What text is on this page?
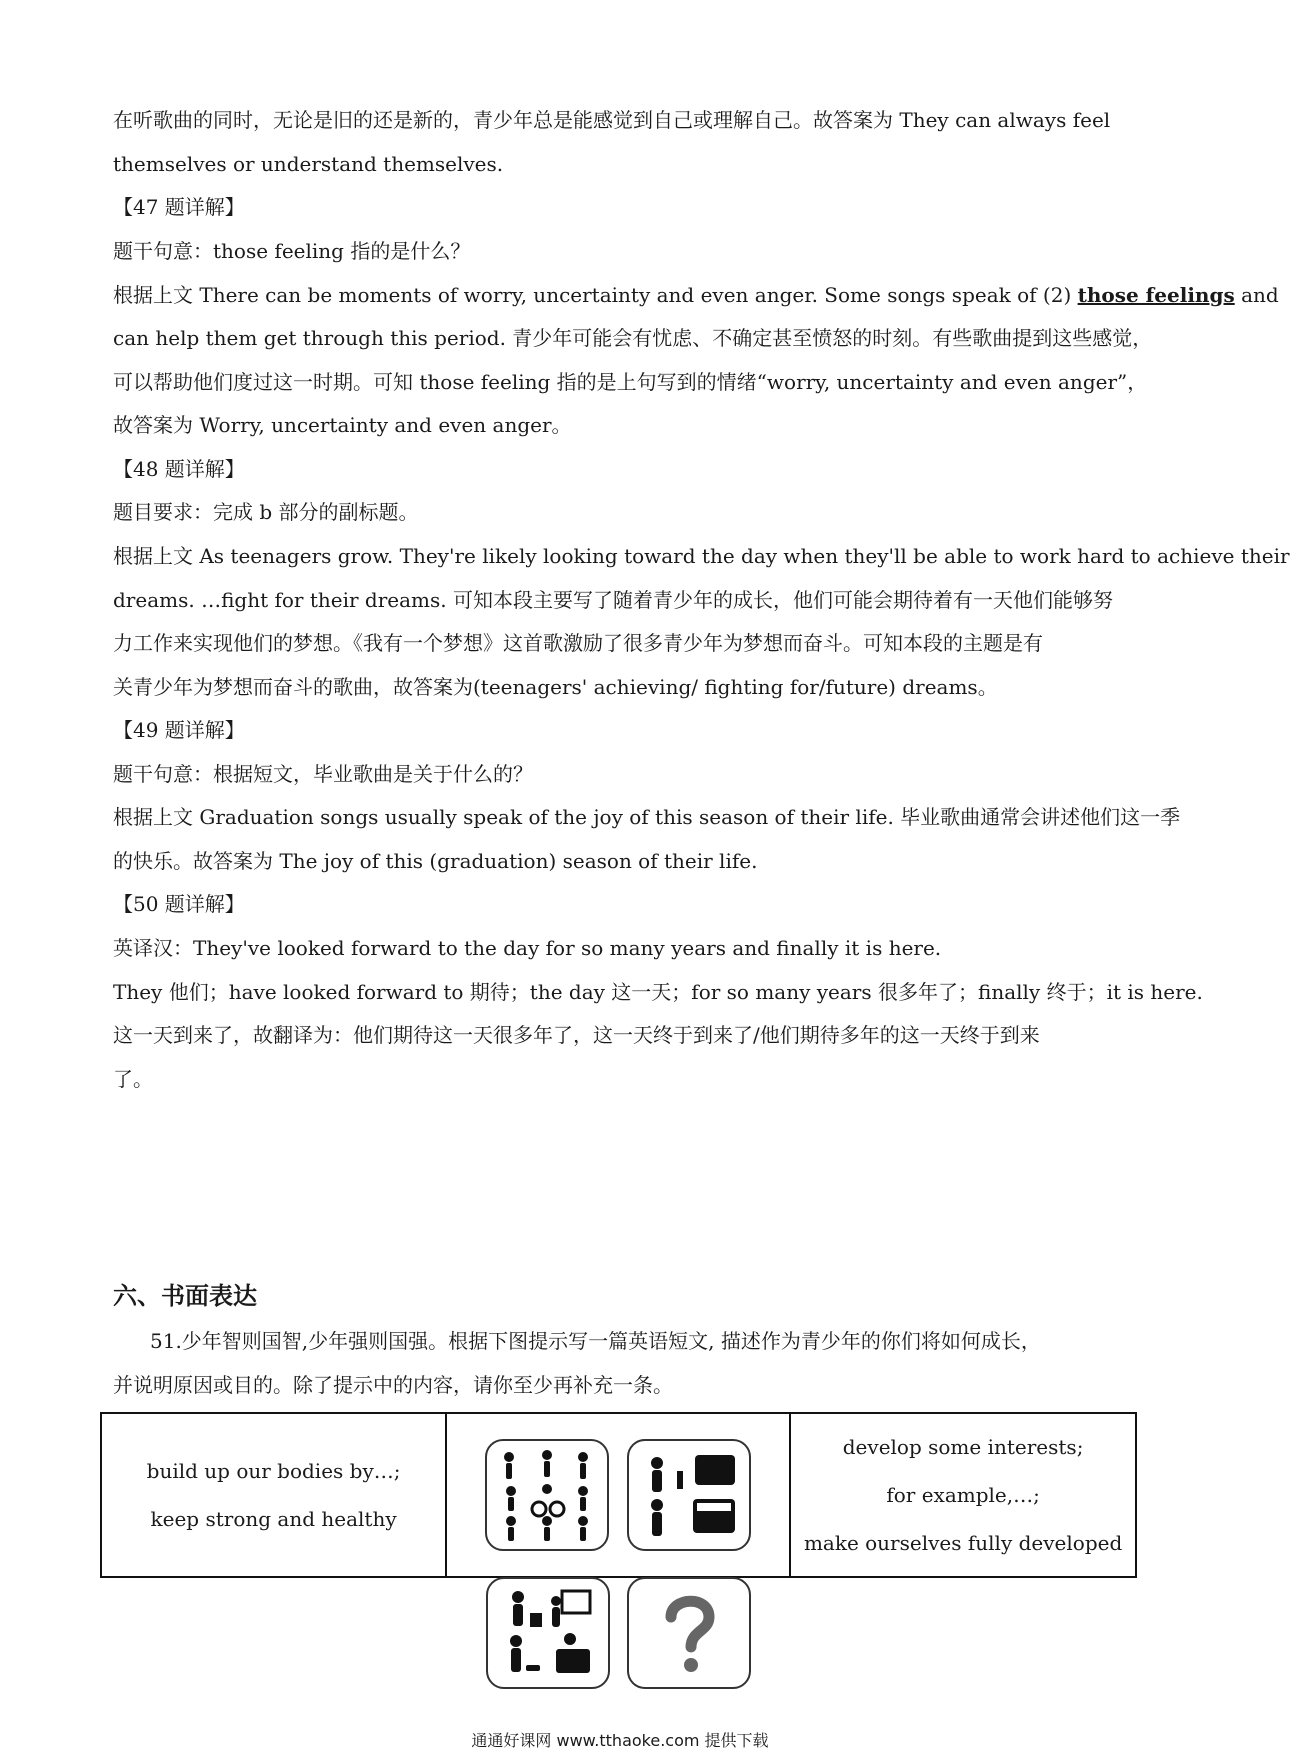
在听歌曲的同时，无论是旧的还是新的，青少年总是能感觉到自己或理解自己。故答案为 They can always feel
themselves or understand themselves.
【47 题详解】
题干句意：those feeling 指的是什么？
根据上文 There can be moments of worry, uncertainty and even anger. Some songs speak of (2) those feelings and
can help them get through this period. 青少年可能会有忧虑、不确定甚至愤怒的时刻。有些歌曲提到这些感觉，
可以帮助他们度过这一时期。可知 those feeling 指的是上句写到的情绪“worry, uncertainty and even anger”，
故答案为 Worry, uncertainty and even anger。
【48 题详解】
题目要求：完成 b 部分的副标题。
根据上文 As teenagers grow. They're likely looking toward the day when they'll be able to work hard to achieve their
dreams. …fight for their dreams. 可知本段主要写了随着青少年的成长，他们可能会期待着有一天他们能够努
力工作来实现他们的梦想。《我有一个梦想》这首歌激励了很多青少年为梦想而奋斗。可知本段的主题是有
关青少年为梦想而奋斗的歌曲，故答案为(teenagers' achieving/ fighting for/future) dreams。
【49 题详解】
题干句意：根据短文，毕业歌曲是关于什么的？
根据上文 Graduation songs usually speak of the joy of this season of their life. 毕业歌曲通常会讲述他们这一季
的快乐。故答案为 The joy of this (graduation) season of their life.
【50 题详解】
英译汉：They've looked forward to the day for so many years and finally it is here.
They 他们；have looked forward to 期待；the day 这一天；for so many years 很多年了；finally 终于；it is here.
这一天到来了，故翻译为：他们期待这一天很多年了，这一天终于到来了/他们期待多年的这一天终于到来
了。
六、书面表达
51.少年智则国智,少年强则国强。根据下图提示写一篇英语短文, 描述作为青少年的你们将如何成长，
并说明原因或目的。除了提示中的内容，请你至少再补充一条。
build up our bodies by…;
keep strong and healthy

develop some interests;
for example,…;
make ourselves fully developed

通通好课网 www.tthaoke.com 提供下载
